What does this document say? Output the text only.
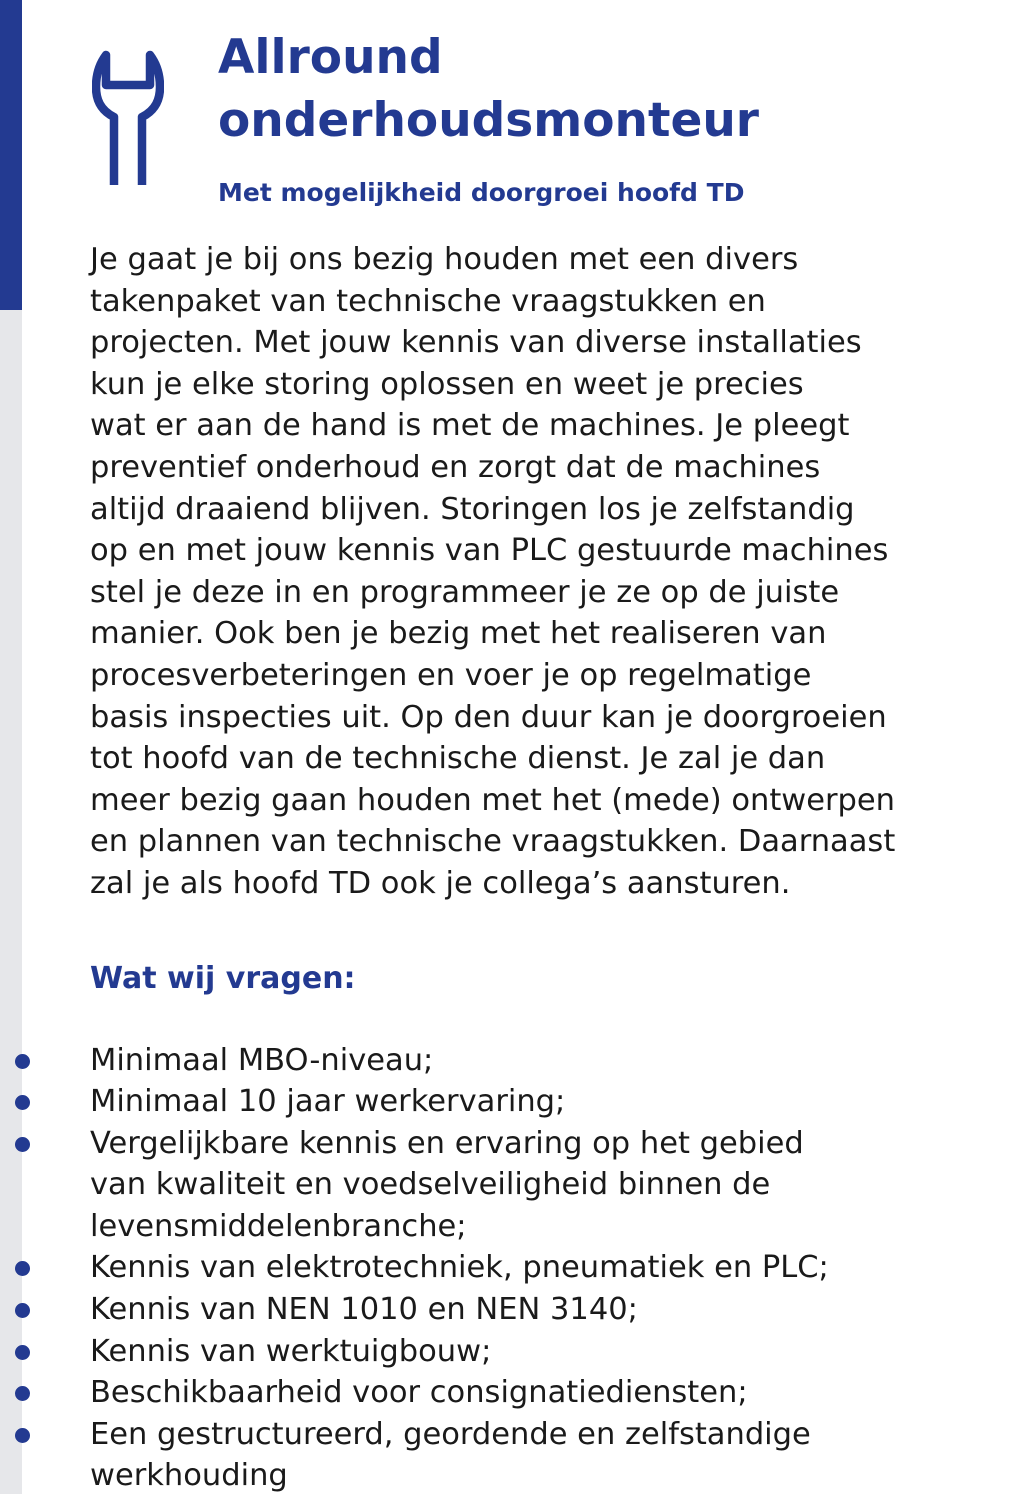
Allround
onderhoudsmonteur

Met mogelijkheid doorgroei hoofd TD

Je gaat je bij ons bezig houden met een divers
takenpaket van technische vraagstukken en
projecten. Met jouw kennis van diverse installaties
kun je elke storing oplossen en weet je precies
wat er aan de hand is met de machines. Je pleegt
preventief onderhoud en zorgt dat de machines
altijd draaiend blijven. Storingen los je zelfstandig
op en met jouw kennis van PLC gestuurde machines
stel je deze in en programmeer je ze op de juiste
manier. Ook ben je bezig met het realiseren van
procesverbeteringen en voer je op regelmatige
basis inspecties uit. Op den duur kan je doorgroeien
tot hoofd van de technische dienst. Je zal je dan
meer bezig gaan houden met het (mede) ontwerpen
en plannen van technische vraagstukken. Daarnaast
zal je als hoofd TD ook je collega’s aansturen.
Wat wij vragen:
Minimaal MBO-niveau;
Minimaal 10 jaar werkervaring;
Vergelijkbare kennis en ervaring op het gebied
van kwaliteit en voedselveiligheid binnen de
levensmiddelenbranche;
Kennis van elektrotechniek, pneumatiek en PLC;
Kennis van NEN 1010 en NEN 3140;
Kennis van werktuigbouw;
Beschikbaarheid voor consignatiediensten;
Een gestructureerd, geordende en zelfstandige
werkhouding
